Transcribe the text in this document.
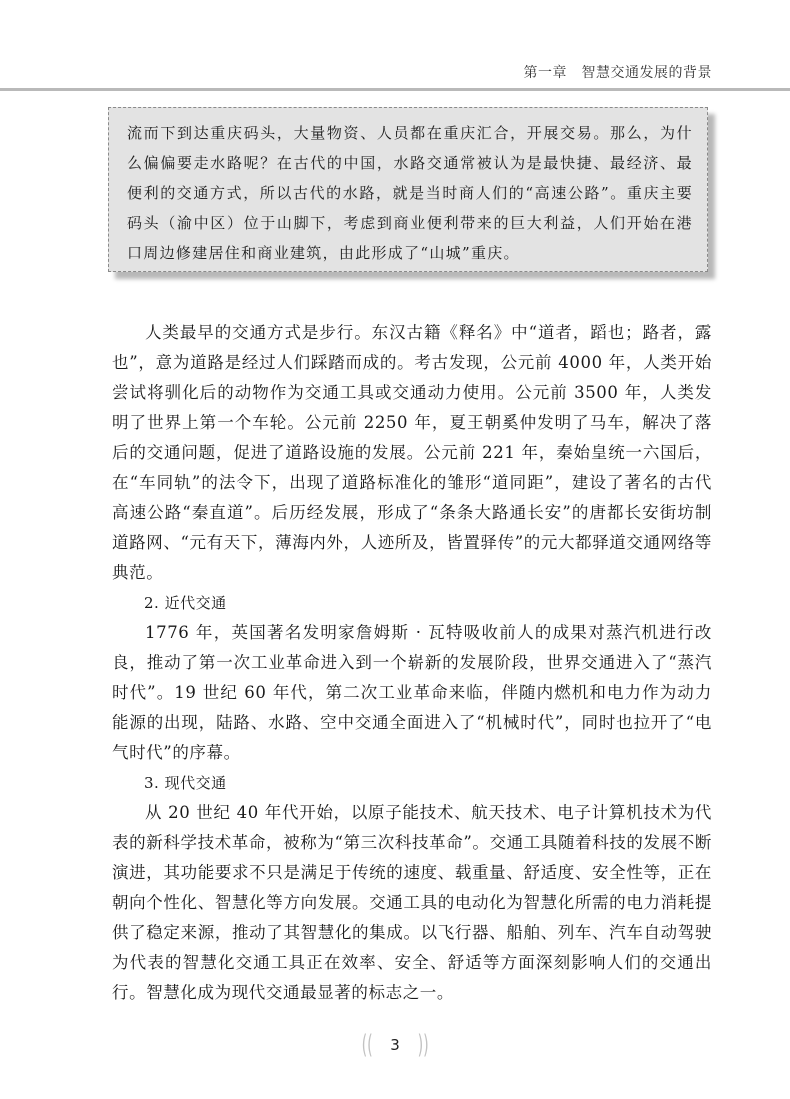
第一章　智慧交通发展的背景

流而下到达重庆码头，大量物资、人员都在重庆汇合，开展交易。那么，为什么偏偏要走水路呢？在古代的中国，水路交通常被认为是最快捷、最经济、最便利的交通方式，所以古代的水路，就是当时商人们的“高速公路”。重庆主要码头（渝中区）位于山脚下，考虑到商业便利带来的巨大利益，人们开始在港口周边修建居住和商业建筑，由此形成了“山城”重庆。

人类最早的交通方式是步行。东汉古籍《释名》中“道者，蹈也；路者，露也”，意为道路是经过人们踩踏而成的。考古发现，公元前 4000 年，人类开始尝试将驯化后的动物作为交通工具或交通动力使用。公元前 3500 年，人类发明了世界上第一个车轮。公元前 2250 年，夏王朝奚仲发明了马车，解决了落后的交通问题，促进了道路设施的发展。公元前 221 年，秦始皇统一六国后，在“车同轨”的法令下，出现了道路标准化的雏形“道同距”，建设了著名的古代高速公路“秦直道”。后历经发展，形成了“条条大路通长安”的唐都长安街坊制道路网、“元有天下，薄海内外，人迹所及，皆置驿传”的元大都驿道交通网络等典范。

2. 近代交通

1776 年，英国著名发明家詹姆斯 · 瓦特吸收前人的成果对蒸汽机进行改良，推动了第一次工业革命进入到一个崭新的发展阶段，世界交通进入了“蒸汽时代”。19 世纪 60 年代，第二次工业革命来临，伴随内燃机和电力作为动力能源的出现，陆路、水路、空中交通全面进入了“机械时代”，同时也拉开了“电气时代”的序幕。

3. 现代交通

从 20 世纪 40 年代开始，以原子能技术、航天技术、电子计算机技术为代表的新科学技术革命，被称为“第三次科技革命”。交通工具随着科技的发展不断演进，其功能要求不只是满足于传统的速度、载重量、舒适度、安全性等，正在朝向个性化、智慧化等方向发展。交通工具的电动化为智慧化所需的电力消耗提供了稳定来源，推动了其智慧化的集成。以飞行器、船舶、列车、汽车自动驾驶为代表的智慧化交通工具正在效率、安全、舒适等方面深刻影响人们的交通出行。智慧化成为现代交通最显著的标志之一。

(( 3 ))
